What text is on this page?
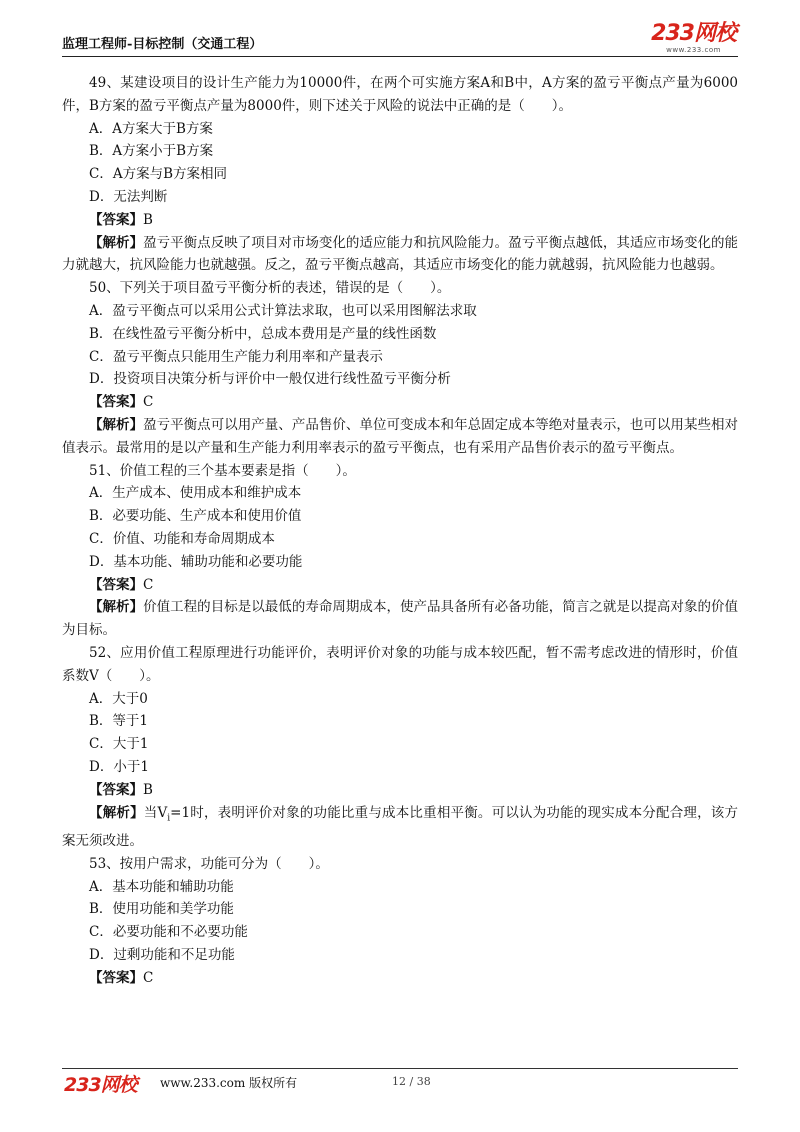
监理工程师-目标控制（交通工程）	233网校
www.233.com

49、某建设项目的设计生产能力为10000件，在两个可实施方案A和B中，A方案的盈亏平衡点产量为6000件，B方案的盈亏平衡点产量为8000件，则下述关于风险的说法中正确的是（　　）。

A．A方案大于B方案

B．A方案小于B方案

C．A方案与B方案相同

D．无法判断

【答案】B

【解析】盈亏平衡点反映了项目对市场变化的适应能力和抗风险能力。盈亏平衡点越低，其适应市场变化的能力就越大，抗风险能力也就越强。反之，盈亏平衡点越高，其适应市场变化的能力就越弱，抗风险能力也越弱。

50、下列关于项目盈亏平衡分析的表述，错误的是（　　）。

A．盈亏平衡点可以采用公式计算法求取，也可以采用图解法求取

B．在线性盈亏平衡分析中，总成本费用是产量的线性函数

C．盈亏平衡点只能用生产能力利用率和产量表示

D．投资项目决策分析与评价中一般仅进行线性盈亏平衡分析

【答案】C

【解析】盈亏平衡点可以用产量、产品售价、单位可变成本和年总固定成本等绝对量表示，也可以用某些相对值表示。最常用的是以产量和生产能力利用率表示的盈亏平衡点，也有采用产品售价表示的盈亏平衡点。

51、价值工程的三个基本要素是指（　　）。

A．生产成本、使用成本和维护成本

B．必要功能、生产成本和使用价值

C．价值、功能和寿命周期成本

D．基本功能、辅助功能和必要功能

【答案】C

【解析】价值工程的目标是以最低的寿命周期成本，使产品具备所有必备功能，简言之就是以提高对象的价值为目标。

52、应用价值工程原理进行功能评价，表明评价对象的功能与成本较匹配，暂不需考虑改进的情形时，价值系数V（　　）。

A．大于0

B．等于1

C．大于1

D．小于1

【答案】B

【解析】当$V_i=1$时，表明评价对象的功能比重与成本比重相平衡。可以认为功能的现实成本分配合理，该方案无须改进。

53、按用户需求，功能可分为（　　）。

A．基本功能和辅助功能

B．使用功能和美学功能

C．必要功能和不必要功能

D．过剩功能和不足功能

【答案】C

233网校 www.233.com 版权所有	12 / 38
